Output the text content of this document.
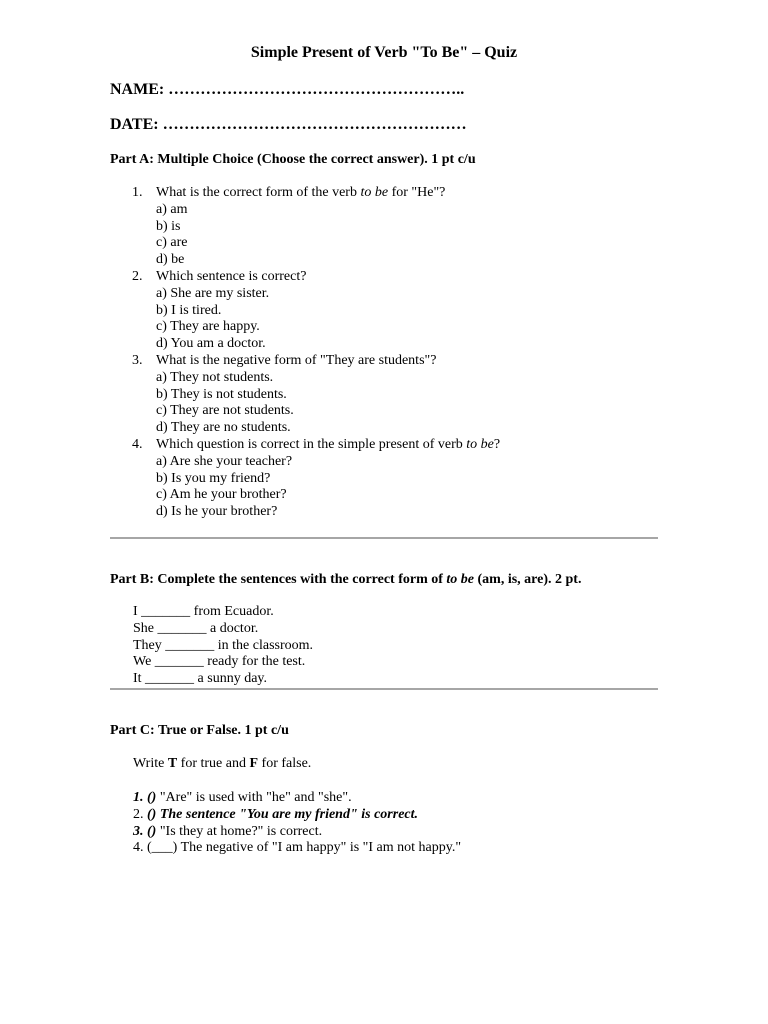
Simple Present of Verb "To Be" – Quiz
NAME: ………………………………………………..
DATE: …………………………………………………
Part A: Multiple Choice (Choose the correct answer). 1 pt c/u
1. What is the correct form of the verb to be for "He"?
a) am
b) is
c) are
d) be
2. Which sentence is correct?
a) She are my sister.
b) I is tired.
c) They are happy.
d) You am a doctor.
3. What is the negative form of "They are students"?
a) They not students.
b) They is not students.
c) They are not students.
d) They are no students.
4. Which question is correct in the simple present of verb to be?
a) Are she your teacher?
b) Is you my friend?
c) Am he your brother?
d) Is he your brother?
Part B: Complete the sentences with the correct form of to be (am, is, are). 2 pt.
I _______ from Ecuador.
She _______ a doctor.
They _______ in the classroom.
We _______ ready for the test.
It _______ a sunny day.
Part C: True or False. 1 pt c/u
Write T for true and F for false.
1. () "Are" is used with "he" and "she".
2. () The sentence "You are my friend" is correct.
3. () "Is they at home?" is correct.
4. (___) The negative of "I am happy" is "I am not happy."
